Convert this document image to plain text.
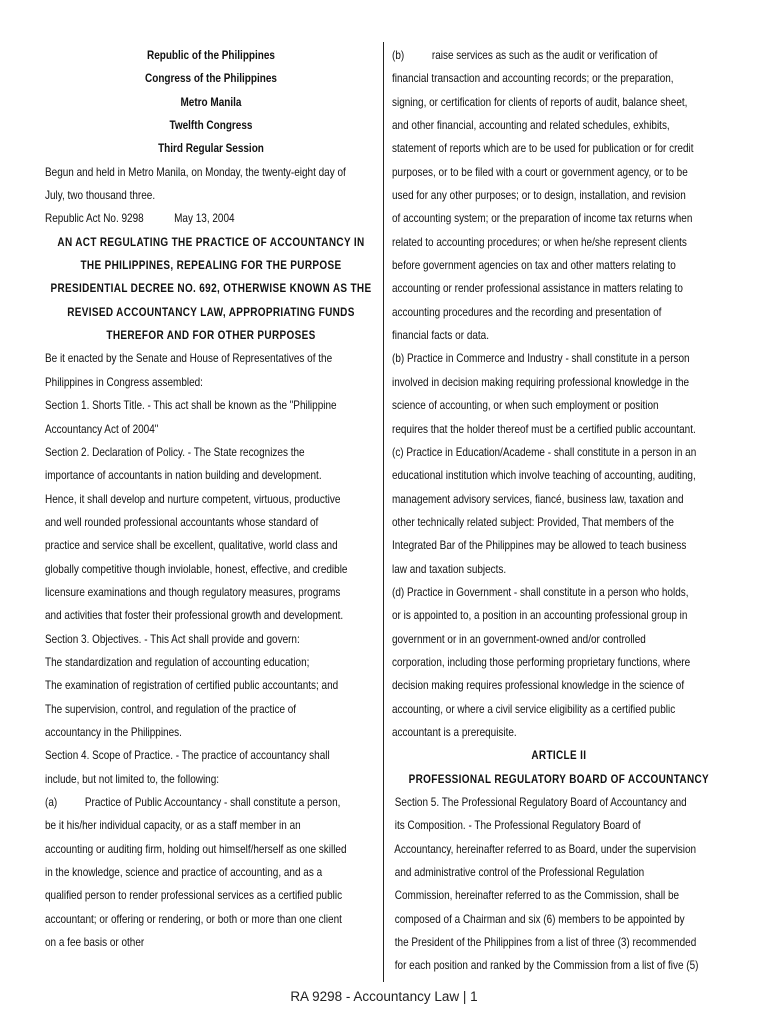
Republic of the Philippines
Congress of the Philippines
Metro Manila
Twelfth Congress
Third Regular Session
Begun and held in Metro Manila, on Monday, the twenty-eight day of
July, two thousand three.
Republic Act No. 9298           May 13, 2004
AN ACT REGULATING THE PRACTICE OF ACCOUNTANCY IN
THE PHILIPPINES, REPEALING FOR THE PURPOSE
PRESIDENTIAL DECREE NO. 692, OTHERWISE KNOWN AS THE
REVISED ACCOUNTANCY LAW, APPROPRIATING FUNDS
THEREFOR AND FOR OTHER PURPOSES
Be it enacted by the Senate and House of Representatives of the
Philippines in Congress assembled:
Section 1. Shorts Title. - This act shall be known as the "Philippine
Accountancy Act of 2004"
Section 2. Declaration of Policy. - The State recognizes the
importance of accountants in nation building and development.
Hence, it shall develop and nurture competent, virtuous, productive
and well rounded professional accountants whose standard of
practice and service shall be excellent, qualitative, world class and
globally competitive though inviolable, honest, effective, and credible
licensure examinations and though regulatory measures, programs
and activities that foster their professional growth and development.
Section 3. Objectives. - This Act shall provide and govern:
The standardization and regulation of accounting education;
The examination of registration of certified public accountants; and
The supervision, control, and regulation of the practice of
accountancy in the Philippines.
Section 4. Scope of Practice. - The practice of accountancy shall
include, but not limited to, the following:
(a)          Practice of Public Accountancy - shall constitute a person,
be it his/her individual capacity, or as a staff member in an
accounting or auditing firm, holding out himself/herself as one skilled
in the knowledge, science and practice of accounting, and as a
qualified person to render professional services as a certified public
accountant; or offering or rendering, or both or more than one client
on a fee basis or other
(b)          raise services as such as the audit or verification of
financial transaction and accounting records; or the preparation,
signing, or certification for clients of reports of audit, balance sheet,
and other financial, accounting and related schedules, exhibits,
statement of reports which are to be used for publication or for credit
purposes, or to be filed with a court or government agency, or to be
used for any other purposes; or to design, installation, and revision
of accounting system; or the preparation of income tax returns when
related to accounting procedures; or when he/she represent clients
before government agencies on tax and other matters relating to
accounting or render professional assistance in matters relating to
accounting procedures and the recording and presentation of
financial facts or data.
(b) Practice in Commerce and Industry - shall constitute in a person
involved in decision making requiring professional knowledge in the
science of accounting, or when such employment or position
requires that the holder thereof must be a certified public accountant.
(c) Practice in Education/Academe - shall constitute in a person in an
educational institution which involve teaching of accounting, auditing,
management advisory services, fiancé, business law, taxation and
other technically related subject: Provided, That members of the
Integrated Bar of the Philippines may be allowed to teach business
law and taxation subjects.
(d) Practice in Government - shall constitute in a person who holds,
or is appointed to, a position in an accounting professional group in
government or in an government-owned and/or controlled
corporation, including those performing proprietary functions, where
decision making requires professional knowledge in the science of
accounting, or where a civil service eligibility as a certified public
accountant is a prerequisite.
ARTICLE II
PROFESSIONAL REGULATORY BOARD OF ACCOUNTANCY
Section 5. The Professional Regulatory Board of Accountancy and
its Composition. - The Professional Regulatory Board of
Accountancy, hereinafter referred to as Board, under the supervision
and administrative control of the Professional Regulation
Commission, hereinafter referred to as the Commission, shall be
composed of a Chairman and six (6) members to be appointed by
the President of the Philippines from a list of three (3) recommended
for each position and ranked by the Commission from a list of five (5)
RA 9298 - Accountancy Law | 1
